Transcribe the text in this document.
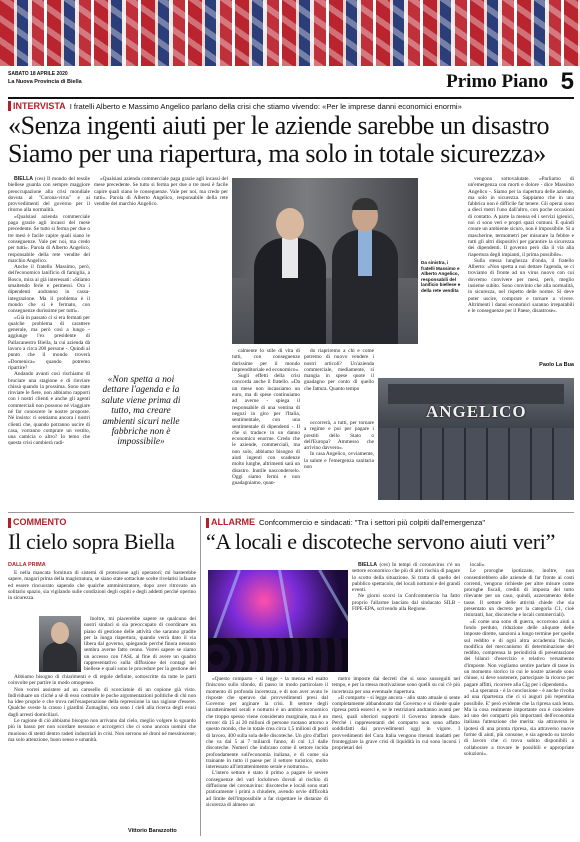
SABATO 18 APRILE 2020
La Nuova Provincia di Biella	Primo Piano 5
INTERVISTA I fratelli Alberto e Massimo Angelico parlano della crisi che stiamo vivendo: «Per le imprese danni economici enormi»
«Senza ingenti aiuti per le aziende sarebbe un disastro
Siamo per una riapertura, ma solo in totale sicurezza»

BIELLA (ces) Il mondo del tessile biellese guarda con sempre maggiore preoccupazione alla crisi mondiale dovuta al "Corona-virus" e ai provvedimenti del governo per il ritorno alla normalità.

«Qualsiasi azienda commerciale paga grazie agli incassi del mese precedente. Se tutto si ferma per due o tre mesi è facile capire quali siano le conseguenze. Vale per noi, ma credo per tutti». Parola di Alberto Angelico, responsabile della rete vendite del marchio Angelico.

Anche il fratello Massimo, però, dell'economico lanificio di famiglia, a Bosco, mira ai già interessati: «Stiamo smaltendo ferie e permessi. Ora i dipendenti andranno in cassa-integrazione. Ma il problema è il mondo che si è fermato, con conseguenze durissime per tutti».

«Già in passato ci si era fermati per qualche problema di carattere generale, ma però così a lungo - aggiunge l'ex presidente di Pallacanestro Biella, la cui azienda dà lavoro a circa 200 persone -. Quindi al punto che il mondo troverà «Domenica» quando potremo ripartire?

Andando avanti così rischiamo di bruciare una stagione e di rinviare chissà quando la prossima. Sono state rinviate le fiere, non abbiamo rapporti con i nostri clienti e anche gli agenti commerciali non possono né viaggiare né far conoscere le nostre proposte. Né insisto: ci sentiamo ancora i nostri clienti che, quando potranno uscire di casa, vorranno comprare un vestito, una camicia o altro? Io temo che questa crisi cambierà radi-

«Qualsiasi azienda commerciale paga grazie agli incassi del mese precedente. Se tutto si ferma per due o tre mesi è facile capire quali siano le conseguenze. Vale per noi, ma credo per tutti». Parola di Alberto Angelico, responsabile della rete vendite del marchio Angelico.

«Non spetta a noi dettare l'agenda e la salute viene prima di tutto, ma creare ambienti sicuri nelle fabbriche non è impossibile»

calmente lo stile di vita di tutti, con conseguenze durissime per il mondo imprenditoriale ed economico».

Sugli effetti della crisi concorda anche il fratello. «Da un mese non incassiamo un euro, ma di spese continuiamo ad averne - spiega il responsabile di una ventina di negozi in giro per l'Italia, sentimentale, con una sentimentale di dipendenti -. Il che si traduce in un danno economico enorme. Credo che le aziende, commerciali, ma non solo, abbiamo bisogno di aiuti ingenti con scadenze molto lunghe, altrimenti sarà un disastro. Inutile nasconderselo. Oggi siamo fermi e non guadagniamo, quan-

do riapriremo a chi e come potremo di nuovo vendere i nostri articoli? Un'azienda commerciale, mediamente, si mangia in spese quote il guadagno per conto di quello che fattura. Quanto tempo

occorrerà, a tutti, per tornare a regime e poi per pagare i prestiti dello Stato o dell'Europa? Ammesso che arrivino davvero».

In casa Angelico, ovviamente, la salute e l'emergenza sanitaria non

Da sinistra, i fratelli Massimo e Alberto Angelico, responsabili del lanificio biellese e della rete vendita

vengono sottovalutate. «Parliamo di un'emergenza con morti e dolore - dice Massimo Angelico -. Siamo per la riapertura delle aziende, ma solo in sicurezza. Sappiamo che in una fabbrica non è difficile far tenere. Gli operai sono a dieci metri l'uno dall'altro, con poche occasioni di contatto. A parte la mensa ed i servizi igienici, noi ci sono veri e propri spazi comuni. E quindi creare un ambiente sicuro, non è impossibile. Sì a mascherine, termometri per misurare la febbre e tutti gli altri dispositivi per garantire la sicurezza dei dipendenti. Il governo però dia il via alla riapertura degli impianti, il prima possibile».

Sulla stessa lunghezza d'onda, il fratello Alberto: «Non spetta a noi dettare l'agenda, se ci troviamo di fronte ad un virus nuovo con cui dovremo convivere per mesi, però, meglio insieme subito. Sono convinto che alla normalità, in sicurezza, nel rispetto delle norme. Si deve poter uscire, comprare e tornare a vivere. Altrimenti i danni economici saranno irreparabili e le conseguenze per il Paese, disastrose».

Paolo La Bua
ANGELICO
COMMENTO
Il cielo sopra Biella
DALLA PRIMA

E nella mancata fornitura di sistemi di protezione agli operatori; mi basterebbe sapere, magari prima della magistratura, se siano state sottaciute scelte rivelatisi infauste ed essere rincuorato sapendo che qualche amministratore, dopo aver ritrovato un solitario spazio, sia vigilando sulle condizioni degli ospiti e degli addetti perché operino in sicurezza.

Inoltre, mi piacerebbe sapere se qualcuno dei nostri sindaci si sia preoccupato di coordinare un piano di gestione delle attività che saranno gradite per la lunga riapertura, quando verrà dato il via libera dal governo, spiegando perché finora nessuno sembra averne fatto cenno. Vorrei sapere se siamo un accesso con l'ASL al fine di avere un quadro rappresentativo sulla diffusione dei contagi nel biellese e quali sono le procedure per la gestione dei

Abbiamo bisogno di chiarimenti e di regole definite, sottoscritte da tutte le parti coinvolte per partire in modo omogeneo.

Non vorrei assistere ad un carosello di scorciatoie di un copione già visto. Individuare un cliché a sé di esso costruire le poche argomentazioni politiche di chi non ha idee proprie e che trova nell'esasperazione della repressione la sua ragione d'essere. Qualche sveste la crasso i giardini Zumaglini, ora sono i cieli alla ricerca degli evasi dagli arresti domiciliari.

Le ragione di ciò abbiamo bisogno non arrivano dal cielo, meglio volgere lo sguardo più in basso per non scordare nessuno e accorgerci che ci sono ancora uomini che muoiono di stenti dentro radeti industriali in crisi. Non serrono né droni né messinscene; ma solo attenzione, buon senso e umanità.

Vittorio Barazzotto
ALLARME Confcommercio e sindacati: "Tra i settori più colpiti dall'emergenza"
“A locali e discoteche servono aiuti veri”

BIELLA (ces) In tempi di coronavirus c'è un settore economico che più di altri rischia di pagare lo scotto della situazione. Si tratta di quello del pubblico spettacolo, dei locali notturni e dei grandi eventi.

Ne giorni scorsi la Confcommercio ha fatto proprio l'allarme lanciato dal sindacato SILB - FIPE-EPA, scrivendo alla Regione.

«Questo comparto - si legge - la mensa ed esatto finiscono sullo sfondo, di passo in modo particolare il momento di profonda incertezza, e di non aver avuto le risposte che speravo dai provvedimenti presi dal Governo per arginare la crisi. Il settore degli intrattenimenti serali e notturni è un ambito economico che troppo spesso viene considerato marginale, ma è un errore: dà 15 ai 20 milioni di persone ruotano attorno a questo mondo, che in totale crea circa 1,5 milioni di posti di lavoro, 400 sulla sola delle discoteche. Un giro d'affari che va dal 5 ai 7 miliardi l'anno, di cui 1,1 dalle discoteche. Numeri che indicano come il settore incida profondamente sull'economia italiana, e di come sia trainante in tutto il paese per il settore turistico, molto interessato all'intrattenimento serale e notturno».

L'intero settore è stato il primo a pagare le severe conseguenze del vari lockdown dovuti al rischio di diffusione del coronavirus: discoteche e locali sono stati praticamente i primi a chiudere, avendo orvie difficoltà ad limite dell'impossibile a far rispettare le distanze di sicurezza di almeno un

metro imposte dai decreti che si sono susseguiti nel tempo, e per la stessa motivazione sono quelli su cui c'è più incertezza per una eventuale riapertura.

«Il comparto - si legge ancora - allo stato attuale si sente completamente abbandonato dal Governo e si chiede quale ripresa potrà esserci e, se le restrizioni andranno avanti per mesi, quali ulteriori supporti il Governo intende dare. Perché i rappresentanti del comparto non sono affatto soddisfatti dai provvedimenti oggi in vigore. I provvedimenti del Cura Italia vengono ritenuti inadatti per fronteggiare la grave crisi di liquidità in cui sono incorsi i proprietari dei

locali».

Le proroghe ipotizzate, inoltre, non consentirebbero alle aziende di far fronte ai costi correnti, vengono richieste per altre misure come proroghe fiscali, crediti di imposta del tutto rilevante per un caso, quindi, azzeramento delle tasse. Il settore delle attività chiede che sia presentato un decreto per la categoria C1, cioè ristoranti, bar, discoteche e locali commerciali).

«E come una sono di guerra, occorrono aiuti a fondo perduto, riduzione delle aliquote delle imposte dirette, sanzioni a lungo termine per quelle sul reddito e di ogni altra accademia fiscale, modifica del meccanismo di determinazione del reddito, comprensa la periodicità di presentazione dei bilanci d'esercizio e relativo versamento d'imposte. Non vogliamo sentire parlare di tasse in un momento storico in cui le nostre aziende sono chiuse, si deve sostenere, partecipare la ricorso per pagare affitti, ricorrere alla Cig per i dipendenti».

«La speranza - è la conclusione - è anche rivolta ad una ripartenza che ci si auguri più repentina possibile. E' però evidente che la ripresa sarà lenta. Ma la cosa realmente importante ora è concedere ad uno dei comparti più importanti dell'economia italiana l'attenzione che merita: sia attraverso le ipotesi di una pronta ripresa, sia attraverso nuove forme di aiuti, più consone, e sia agendo su tavolo di lavoro che ci trova subito disponibili a collaborare a trovare le possibili e appropriate soluzioni».
